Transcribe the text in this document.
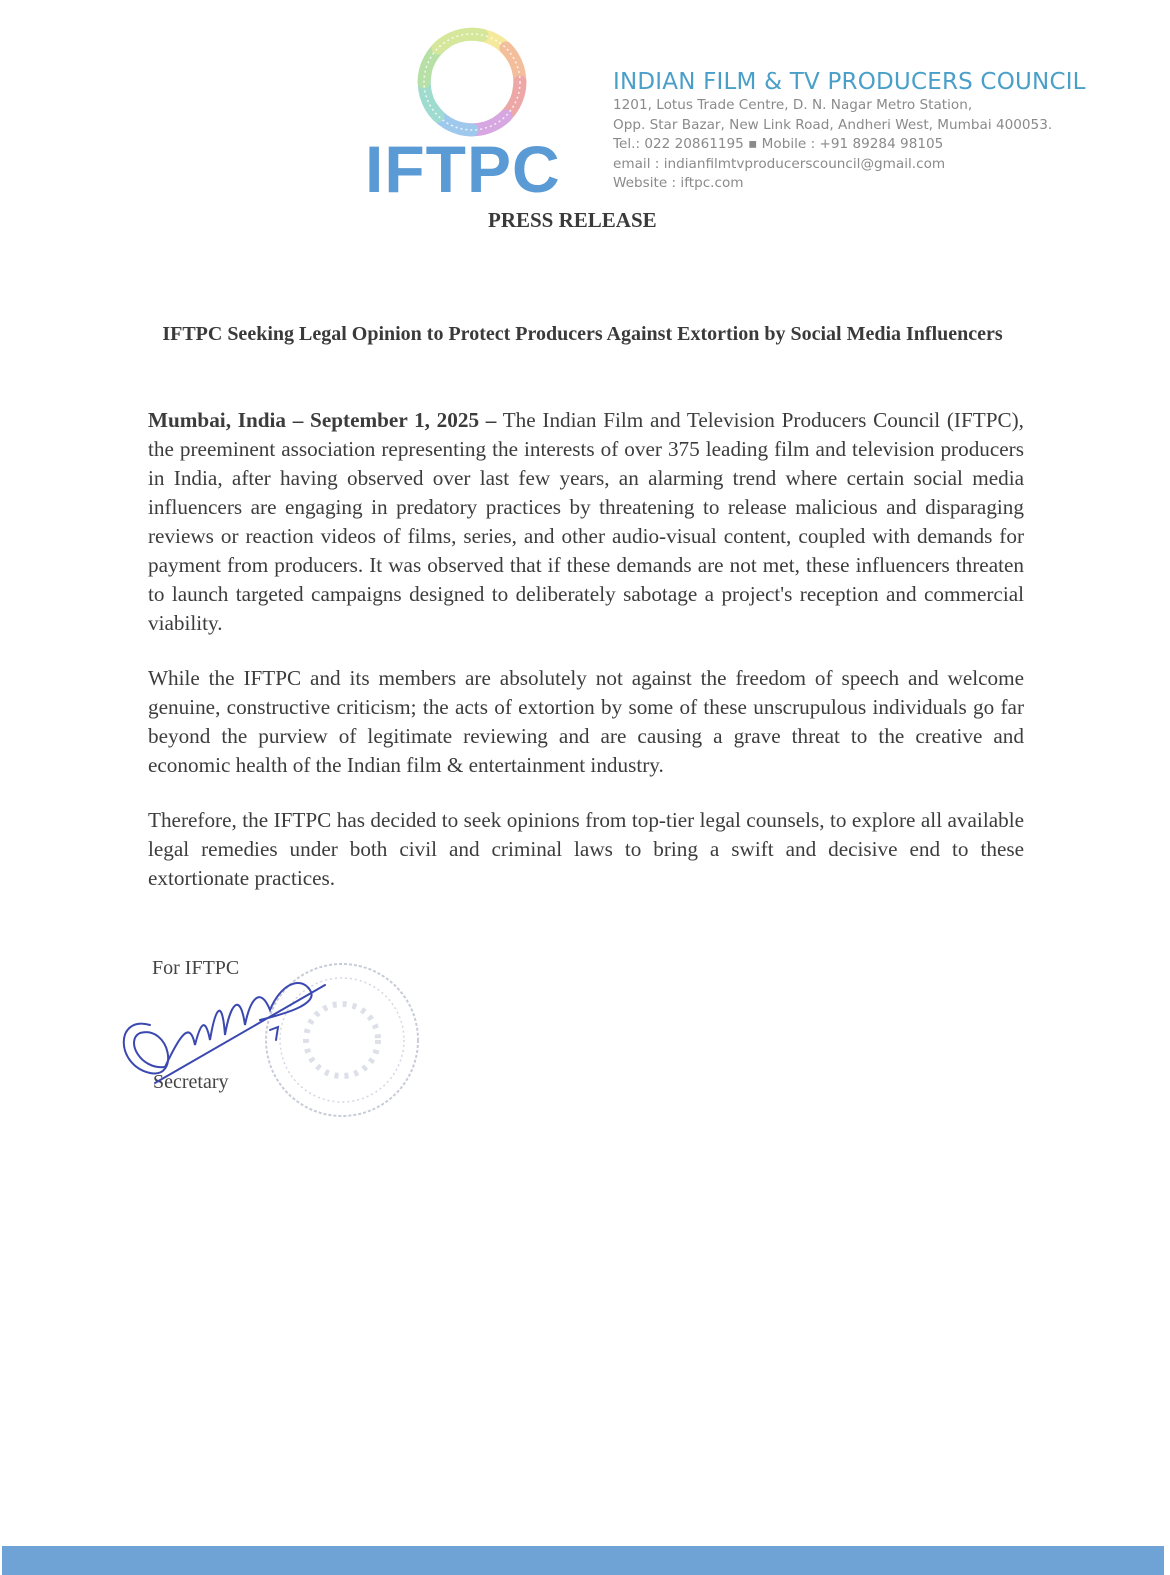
IFTPC
INDIAN FILM & TV PRODUCERS COUNCIL
1201, Lotus Trade Centre, D. N. Nagar Metro Station,
Opp. Star Bazar, New Link Road, Andheri West, Mumbai 400053.
Tel.: 022 20861195 ▪ Mobile : +91 89284 98105
email : indianfilmtvproducerscouncil@gmail.com
Website : iftpc.com
PRESS RELEASE
IFTPC Seeking Legal Opinion to Protect Producers Against Extortion by Social Media Influencers
Mumbai, India – September 1, 2025 – The Indian Film and Television Producers Council (IFTPC), the preeminent association representing the interests of over 375 leading film and television producers in India, after having observed over last few years, an alarming trend where certain social media influencers are engaging in predatory practices by threatening to release malicious and disparaging reviews or reaction videos of films, series, and other audio-visual content, coupled with demands for payment from producers. It was observed that if these demands are not met, these influencers threaten to launch targeted campaigns designed to deliberately sabotage a project's reception and commercial viability.
While the IFTPC and its members are absolutely not against the freedom of speech and welcome genuine, constructive criticism; the acts of extortion by some of these unscrupulous individuals go far beyond the purview of legitimate reviewing and are causing a grave threat to the creative and economic health of the Indian film & entertainment industry.
Therefore, the IFTPC has decided to seek opinions from top-tier legal counsels, to explore all available legal remedies under both civil and criminal laws to bring a swift and decisive end to these extortionate practices.
For IFTPC
Secretary
